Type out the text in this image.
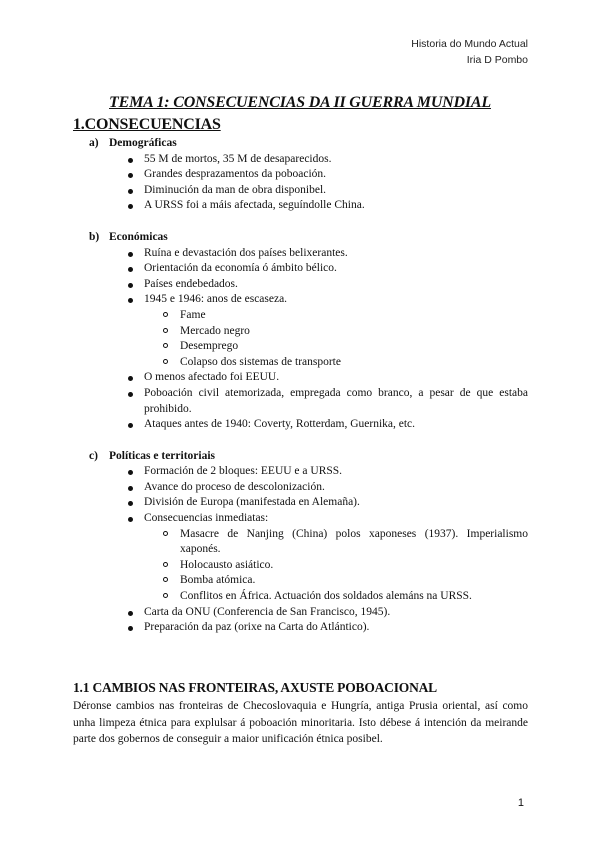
Historia do Mundo Actual
Iria D Pombo
TEMA 1: CONSECUENCIAS DA II GUERRA MUNDIAL
1.CONSECUENCIAS
a) Demográficas
55 M de mortos, 35 M de desaparecidos.
Grandes desprazamentos da poboación.
Diminución da man de obra disponibel.
A URSS foi a máis afectada, seguíndolle China.
b) Económicas
Ruína e devastación dos países belixerantes.
Orientación da economía ó ámbito bélico.
Países endebedados.
1945 e 1946: anos de escaseza.
Fame
Mercado negro
Desemprego
Colapso dos sistemas de transporte
O menos afectado foi EEUU.
Poboación civil atemorizada, empregada como branco, a pesar de que estaba prohibido.
Ataques antes de 1940: Coverty, Rotterdam, Guernika, etc.
c) Políticas e territoriais
Formación de 2 bloques: EEUU e a URSS.
Avance do proceso de descolonización.
División de Europa (manifestada en Alemaña).
Consecuencias inmediatas:
Masacre de Nanjing (China) polos xaponeses (1937). Imperialismo xaponés.
Holocausto asiático.
Bomba atómica.
Conflitos en África. Actuación dos soldados alemáns na URSS.
Carta da ONU (Conferencia de San Francisco, 1945).
Preparación da paz (orixe na Carta do Atlántico).
1.1 CAMBIOS NAS FRONTEIRAS, AXUSTE POBOACIONAL
Déronse cambios nas fronteiras de Checoslovaquia e Hungría, antiga Prusia oriental, así como unha limpeza étnica para explulsar á poboación minoritaria. Isto débese á intención da meirande parte dos gobernos de conseguir a maior unificación étnica posibel.
1
